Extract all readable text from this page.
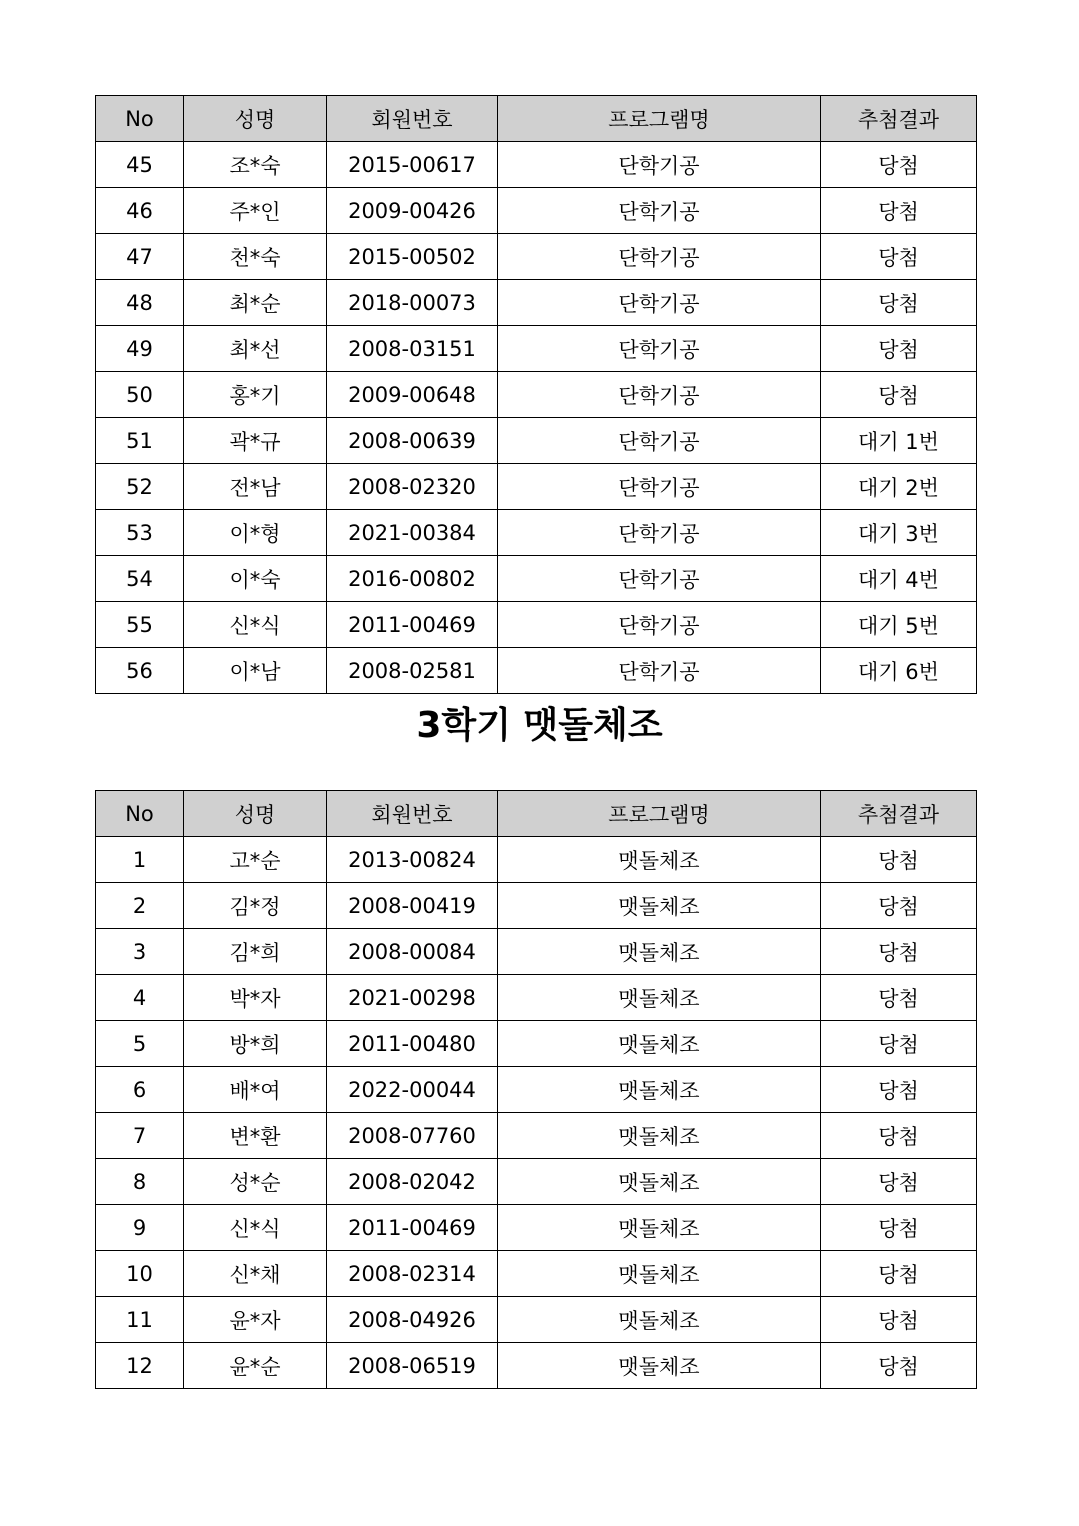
No	성명	회원번호	프로그램명	추첨결과
45	조*숙	2015-00617	단학기공	당첨
46	주*인	2009-00426	단학기공	당첨
47	천*숙	2015-00502	단학기공	당첨
48	최*순	2018-00073	단학기공	당첨
49	최*선	2008-03151	단학기공	당첨
50	홍*기	2009-00648	단학기공	당첨
51	곽*규	2008-00639	단학기공	대기 1번
52	전*남	2008-02320	단학기공	대기 2번
53	이*형	2021-00384	단학기공	대기 3번
54	이*숙	2016-00802	단학기공	대기 4번
55	신*식	2011-00469	단학기공	대기 5번
56	이*남	2008-02581	단학기공	대기 6번
3학기 맷돌체조
No	성명	회원번호	프로그램명	추첨결과
1	고*순	2013-00824	맷돌체조	당첨
2	김*정	2008-00419	맷돌체조	당첨
3	김*희	2008-00084	맷돌체조	당첨
4	박*자	2021-00298	맷돌체조	당첨
5	방*희	2011-00480	맷돌체조	당첨
6	배*여	2022-00044	맷돌체조	당첨
7	변*환	2008-07760	맷돌체조	당첨
8	성*순	2008-02042	맷돌체조	당첨
9	신*식	2011-00469	맷돌체조	당첨
10	신*채	2008-02314	맷돌체조	당첨
11	윤*자	2008-04926	맷돌체조	당첨
12	윤*순	2008-06519	맷돌체조	당첨
